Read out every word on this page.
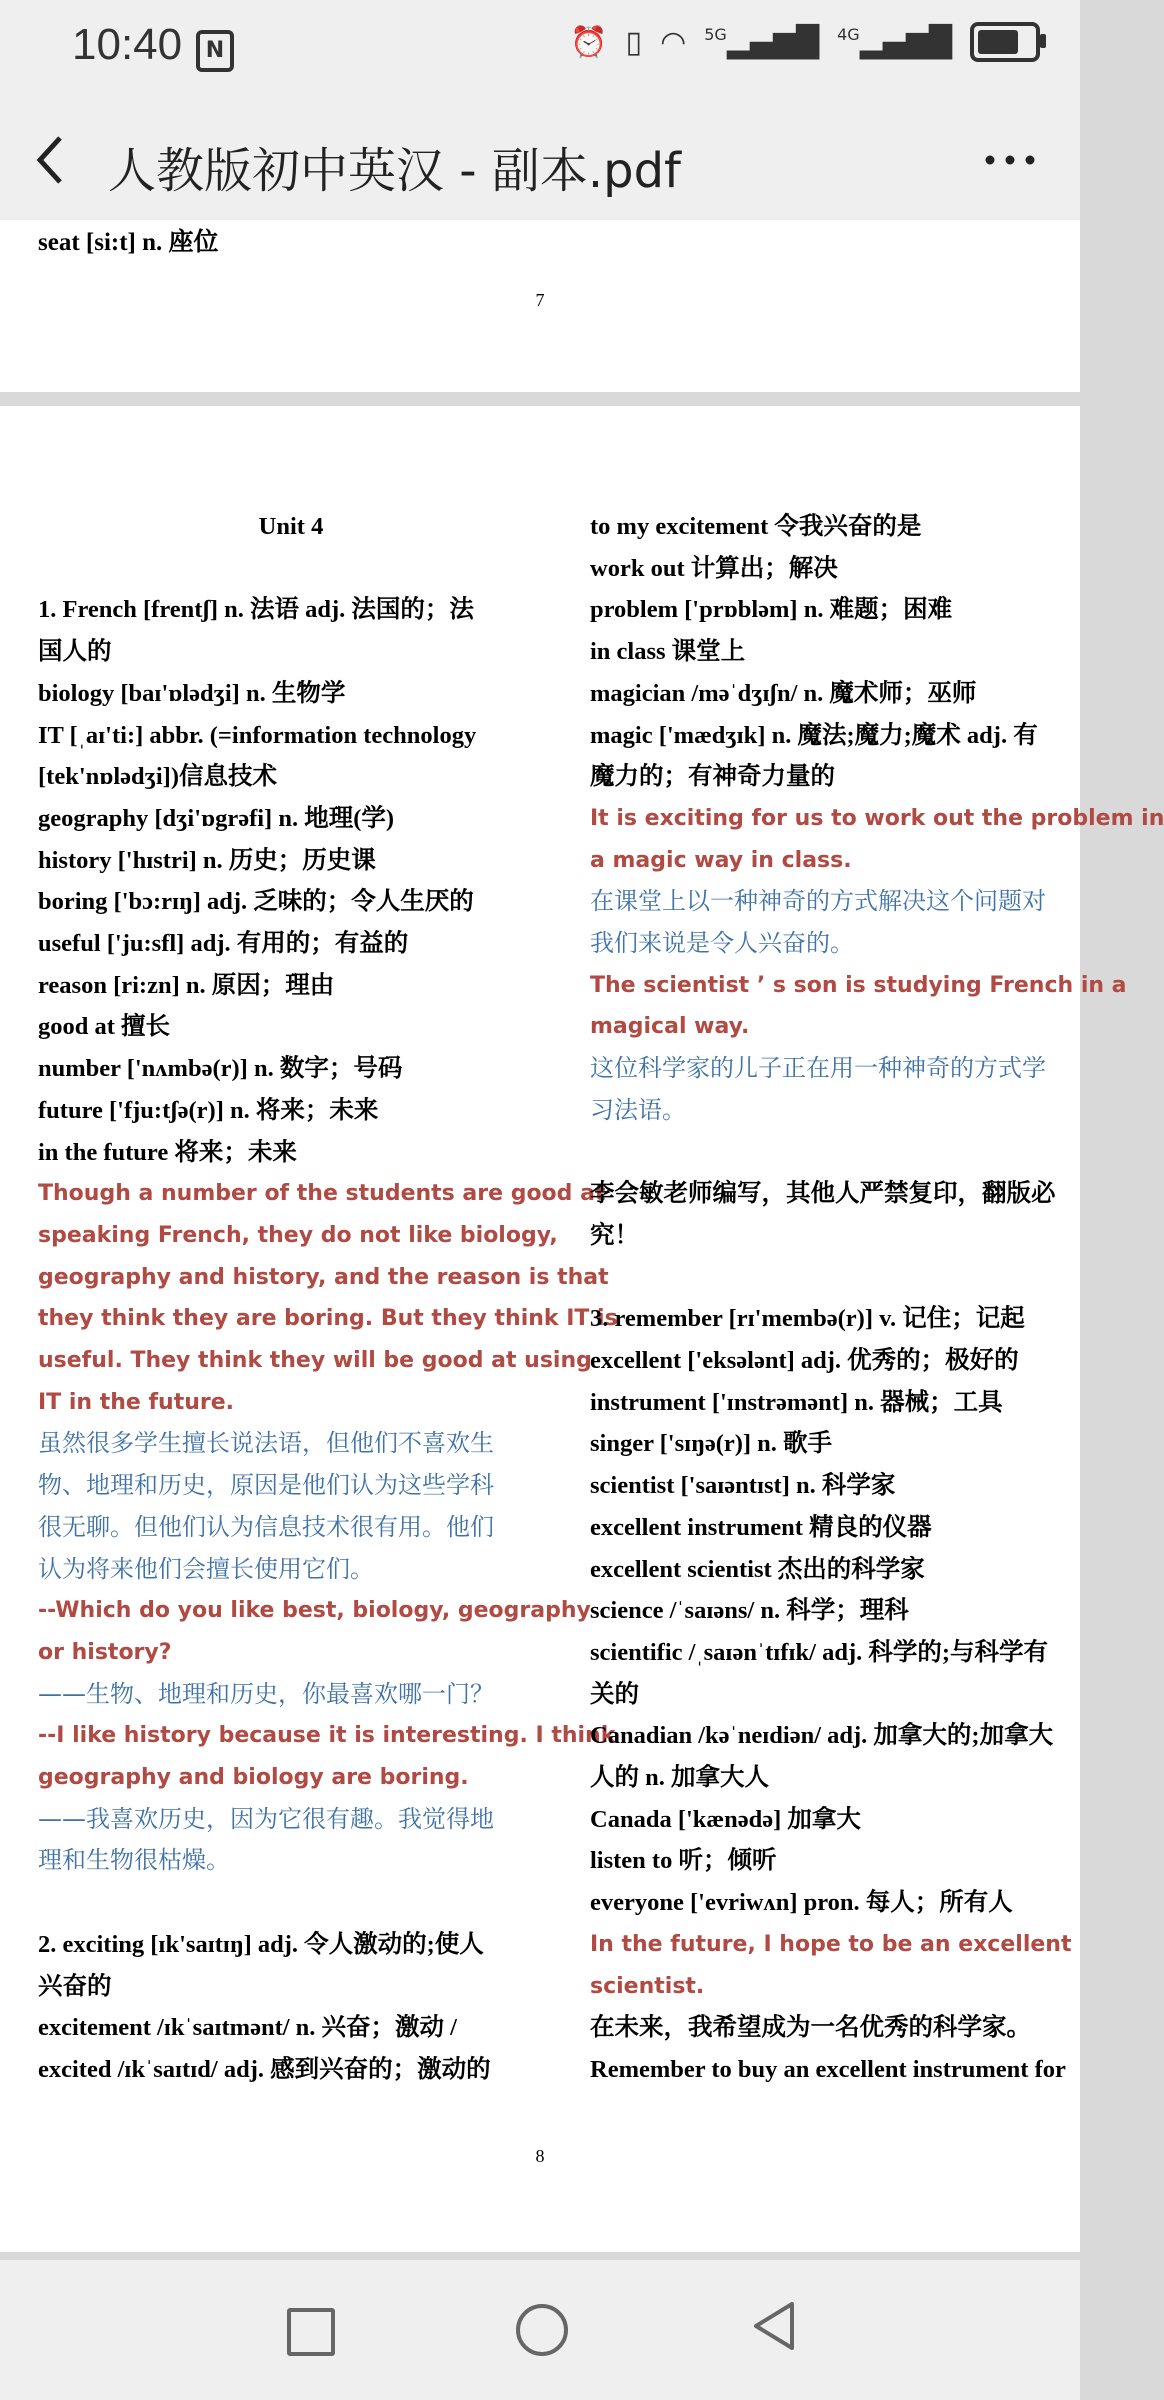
10:40	N	⏰ ▯ ◠ $^{5G}$▂▄▆█ $^{4G}$▂▄▆█
人教版初中英汉 - 副本.pdf
seat [si:t] n. 座位
7
Unit 4
1. French [frentʃ] n. 法语 adj. 法国的；法
国人的
biology [baɪ'ɒlədʒi] n. 生物学
IT [ˌaɪ'ti:] abbr. (=information technology
[tek'nɒlədʒi])信息技术
geography [dʒi'ɒgrəfi] n. 地理(学)
history ['hɪstri] n. 历史；历史课
boring ['bɔ:rɪŋ] adj. 乏味的；令人生厌的
useful ['ju:sfl] adj. 有用的；有益的
reason [ri:zn] n. 原因；理由
good at 擅长
number ['nʌmbə(r)] n. 数字；号码
future ['fju:tʃə(r)] n. 将来；未来
in the future 将来；未来
Though a number of the students are good at
speaking French, they do not like biology,
geography and history, and the reason is that
they think they are boring. But they think IT is
useful. They think they will be good at using
IT in the future.
虽然很多学生擅长说法语，但他们不喜欢生
物、地理和历史，原因是他们认为这些学科
很无聊。但他们认为信息技术很有用。他们
认为将来他们会擅长使用它们。
--Which do you like best, biology, geography
or history?
——生物、地理和历史，你最喜欢哪一门？
--I like history because it is interesting. I think
geography and biology are boring.
——我喜欢历史，因为它很有趣。我觉得地
理和生物很枯燥。
2. exciting [ɪk'saɪtɪŋ] adj. 令人激动的;使人
兴奋的
excitement /ɪkˈsaɪtmənt/ n. 兴奋；激动 /
excited /ɪkˈsaɪtɪd/ adj. 感到兴奋的；激动的
to my excitement 令我兴奋的是
work out 计算出；解决
problem ['prɒbləm] n. 难题；困难
in class 课堂上
magician /məˈdʒɪʃn/ n. 魔术师；巫师
magic ['mædʒɪk] n. 魔法;魔力;魔术 adj. 有
魔力的；有神奇力量的
It is exciting for us to work out the problem in
a magic way in class.
在课堂上以一种神奇的方式解决这个问题对
我们来说是令人兴奋的。
The scientist ’ s son is studying French in a
magical way.
这位科学家的儿子正在用一种神奇的方式学
习法语。
李会敏老师编写，其他人严禁复印，翻版必
究！
3. remember [rɪ'membə(r)] v. 记住；记起
excellent ['eksələnt] adj. 优秀的；极好的
instrument ['ɪnstrəmənt] n. 器械；工具
singer ['sɪŋə(r)] n. 歌手
scientist ['saɪəntɪst] n. 科学家
excellent instrument 精良的仪器
excellent scientist 杰出的科学家
science /ˈsaɪəns/ n. 科学；理科
scientific /ˌsaɪənˈtɪfɪk/ adj. 科学的;与科学有
关的
Canadian /kəˈneɪdiən/ adj. 加拿大的;加拿大
人的 n. 加拿大人
Canada ['kænədə] 加拿大
listen to 听；倾听
everyone ['evriwʌn] pron. 每人；所有人
In the future, I hope to be an excellent
scientist.
在未来，我希望成为一名优秀的科学家。
Remember to buy an excellent instrument for
8
